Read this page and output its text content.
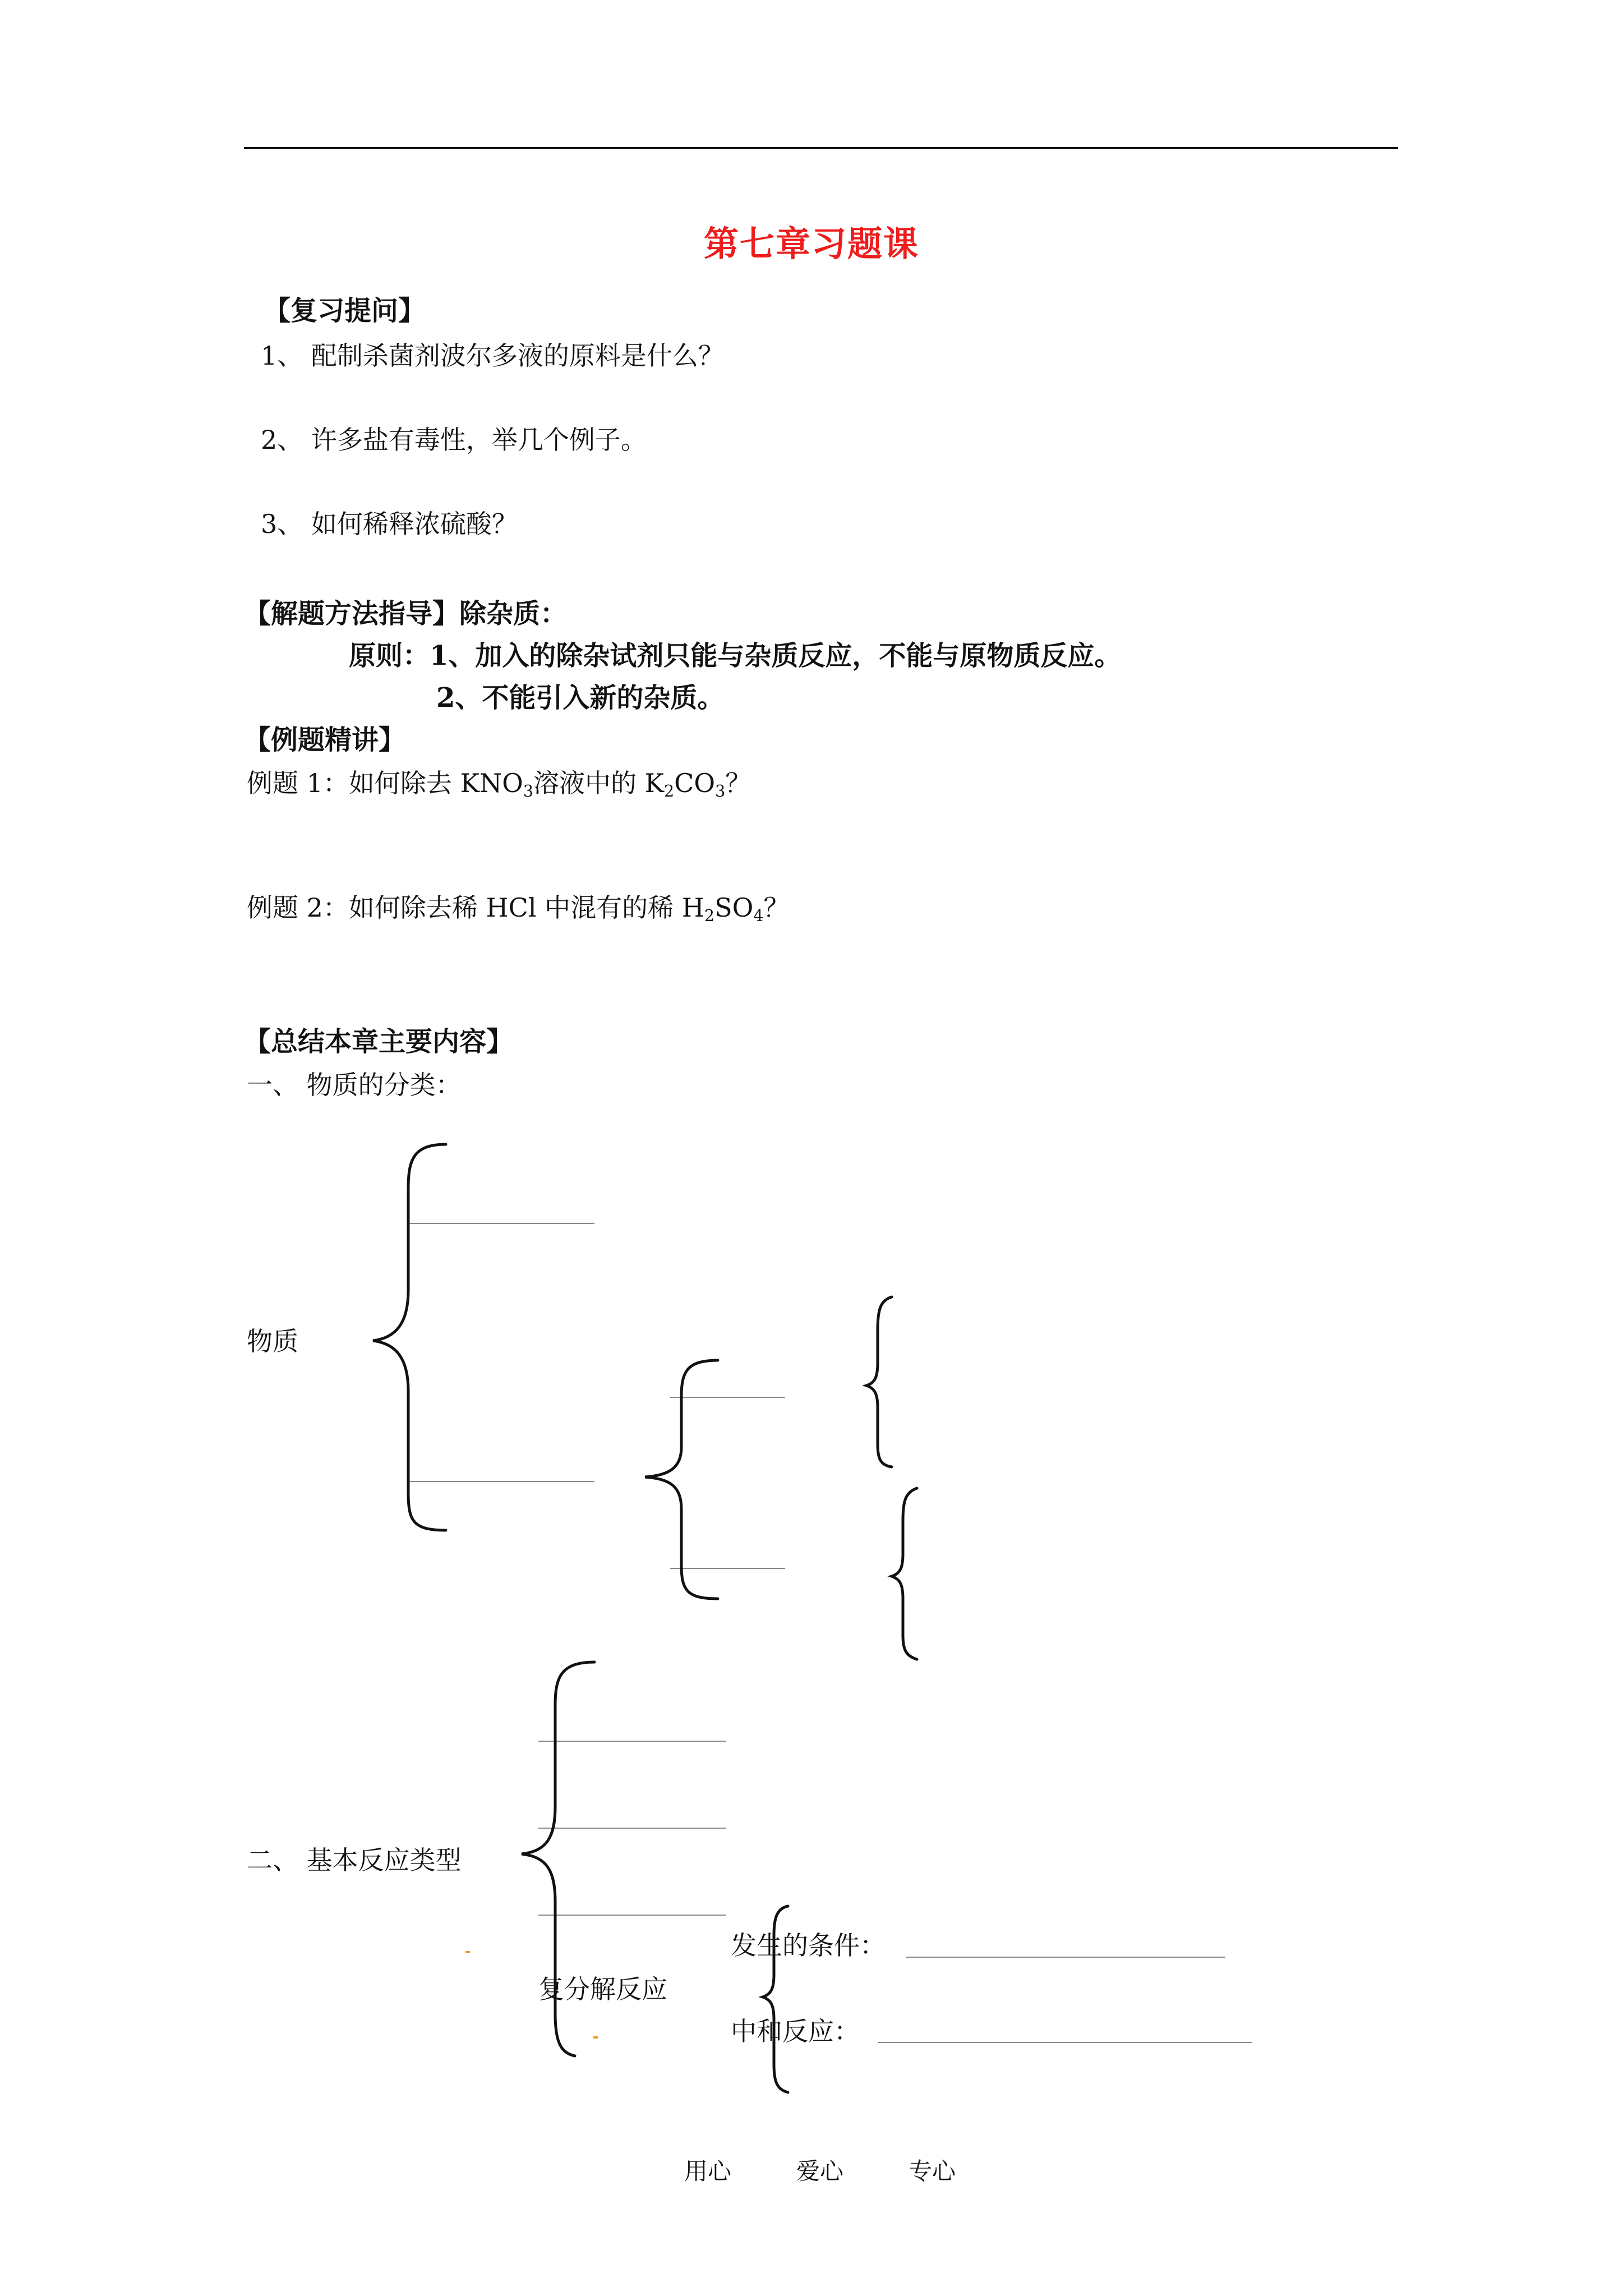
第七章习题课
【复习提问】
1、 配制杀菌剂波尔多液的原料是什么？
2、 许多盐有毒性，举几个例子。
3、 如何稀释浓硫酸？
【解题方法指导】除杂质：
原则：1、加入的除杂试剂只能与杂质反应，不能与原物质反应。
2、不能引入新的杂质。
【例题精讲】
例题 1：如何除去 $KNO_3$溶液中的 $K_2CO_3$？
例题 2：如何除去稀 HCl 中混有的稀 $H_2SO_4$？
【总结本章主要内容】
一、 物质的分类：
物质
二、 基本反应类型
复分解反应
发生的条件：
中和反应：
用心	爱心	专心
